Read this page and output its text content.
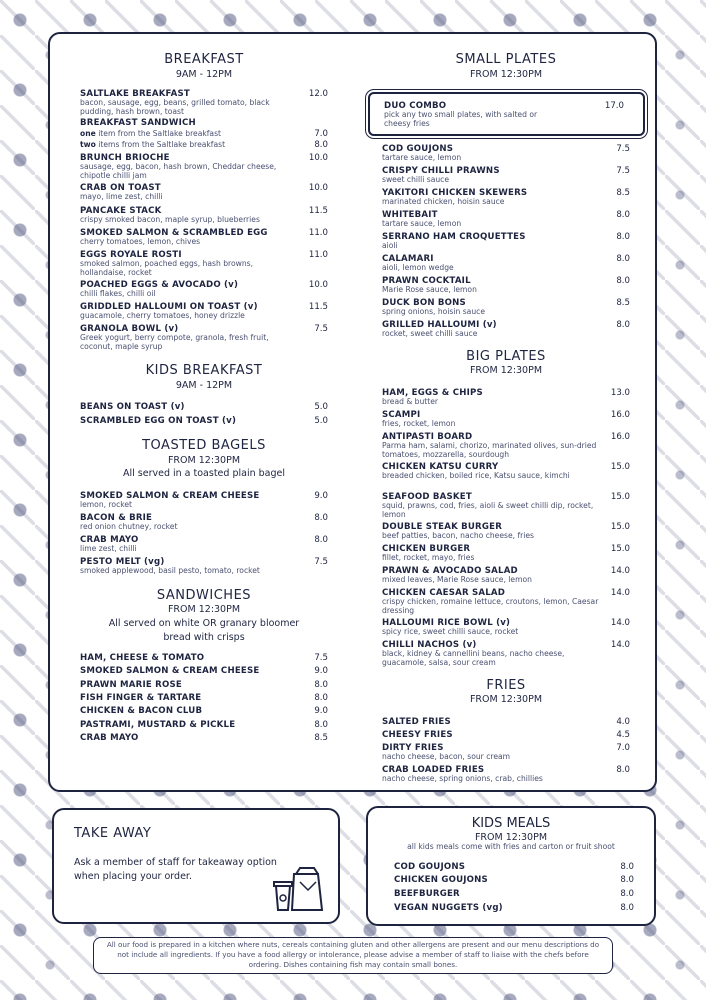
BREAKFAST
9AM - 12PM
SALTLAKE BREAKFAST
bacon, sausage, egg, beans, grilled tomato, black pudding, hash brown, toast
12.0
BREAKFAST SANDWICH
one item from the Saltlake breakfast	7.0
two items from the Saltlake breakfast	8.0
BRUNCH BRIOCHE
sausage, egg, bacon, hash brown, Cheddar cheese, chipotle chilli jam
10.0
CRAB ON TOAST
mayo, lime zest, chilli
10.0
PANCAKE STACK
crispy smoked bacon, maple syrup, blueberries
11.5
SMOKED SALMON & SCRAMBLED EGG
cherry tomatoes, lemon, chives
11.0
EGGS ROYALE ROSTI
smoked salmon, poached eggs, hash browns, hollandaise, rocket
11.0
POACHED EGGS & AVOCADO (v)
chilli flakes, chilli oil
10.0
GRIDDLED HALLOUMI ON TOAST (v)
guacamole, cherry tomatoes, honey drizzle
11.5
GRANOLA BOWL (v)
Greek yogurt, berry compote, granola, fresh fruit, coconut, maple syrup
7.5
KIDS BREAKFAST
9AM - 12PM
BEANS ON TOAST (v)	5.0
SCRAMBLED EGG ON TOAST (v)	5.0
TOASTED BAGELS
FROM 12:30PM
All served in a toasted plain bagel
SMOKED SALMON & CREAM CHEESE
lemon, rocket
9.0
BACON & BRIE
red onion chutney, rocket
8.0
CRAB MAYO
lime zest, chilli
8.0
PESTO MELT (vg)
smoked applewood, basil pesto, tomato, rocket
7.5
SANDWICHES
FROM 12:30PM
All served on white OR granary bloomer bread with crisps
HAM, CHEESE & TOMATO	7.5
SMOKED SALMON & CREAM CHEESE	9.0
PRAWN MARIE ROSE	8.0
FISH FINGER & TARTARE	8.0
CHICKEN & BACON CLUB	9.0
PASTRAMI, MUSTARD & PICKLE	8.0
CRAB MAYO	8.5
DUO COMBO
pick any two small plates, with salted or cheesy fries
17.0
SMALL PLATES
FROM 12:30PM
COD GOUJONS
tartare sauce, lemon
7.5
CRISPY CHILLI PRAWNS
sweet chilli sauce
7.5
YAKITORI CHICKEN SKEWERS
marinated chicken, hoisin sauce
8.5
WHITEBAIT
tartare sauce, lemon
8.0
SERRANO HAM CROQUETTES
aioli
8.0
CALAMARI
aioli, lemon wedge
8.0
PRAWN COCKTAIL
Marie Rose sauce, lemon
8.0
DUCK BON BONS
spring onions, hoisin sauce
8.5
GRILLED HALLOUMI (v)
rocket, sweet chilli sauce
8.0
BIG PLATES
FROM 12:30PM
HAM, EGGS & CHIPS
bread & butter
13.0
SCAMPI
fries, rocket, lemon
16.0
ANTIPASTI BOARD
Parma ham, salami, chorizo, marinated olives, sun-dried tomatoes, mozzarella, sourdough
16.0
CHICKEN KATSU CURRY
breaded chicken, boiled rice, Katsu sauce, kimchi
15.0
SEAFOOD BASKET
squid, prawns, cod, fries, aioli & sweet chilli dip, rocket, lemon
15.0
DOUBLE STEAK BURGER
beef patties, bacon, nacho cheese, fries
15.0
CHICKEN BURGER
fillet, rocket, mayo, fries
15.0
PRAWN & AVOCADO SALAD
mixed leaves, Marie Rose sauce, lemon
14.0
CHICKEN CAESAR SALAD
crispy chicken, romaine lettuce, croutons, lemon, Caesar dressing
14.0
HALLOUMI RICE BOWL (v)
spicy rice, sweet chilli sauce, rocket
14.0
CHILLI NACHOS (v)
black, kidney & cannellini beans, nacho cheese, guacamole, salsa, sour cream
14.0
FRIES
FROM 12:30PM
SALTED FRIES	4.0
CHEESY FRIES	4.5
DIRTY FRIES
nacho cheese, bacon, sour cream
7.0
CRAB LOADED FRIES
nacho cheese, spring onions, crab, chillies
8.0
TAKE AWAY
Ask a member of staff for takeaway option when placing your order.
KIDS MEALS
FROM 12:30PM
all kids meals come with fries and carton or fruit shoot
COD GOUJONS	8.0
CHICKEN GOUJONS	8.0
BEEFBURGER	8.0
VEGAN NUGGETS (vg)	8.0
All our food is prepared in a kitchen where nuts, cereals containing gluten and other allergens are present and our menu descriptions do not include all ingredients. If you have a food allergy or intolerance, please advise a member of staff to liaise with the chefs before ordering. Dishes containing fish may contain small bones.
